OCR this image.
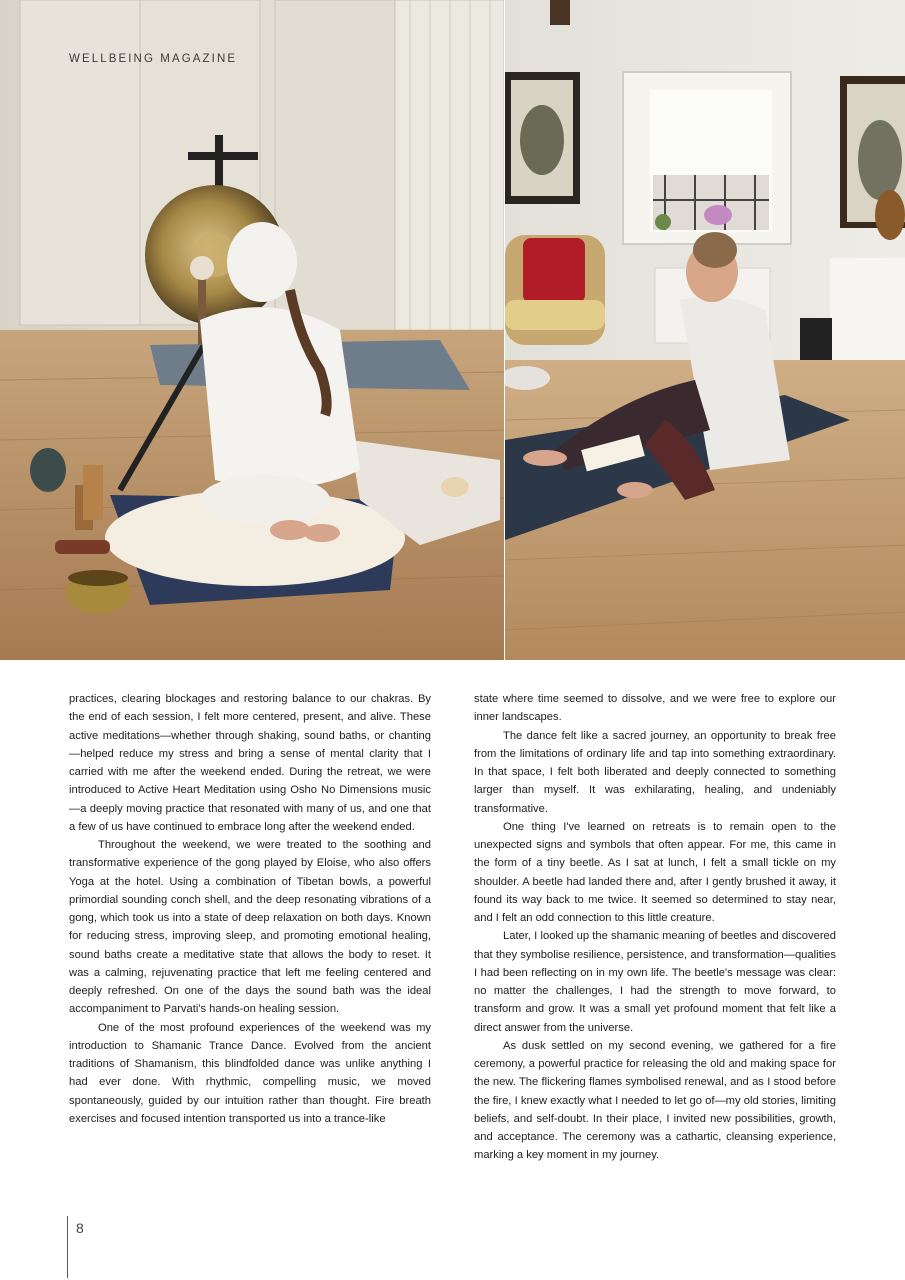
WELLBEING MAGAZINE

practices, clearing blockages and restoring balance to our chakras. By the end of each session, I felt more centered, present, and alive. These active meditations—whether through shaking, sound baths, or chanting—helped reduce my stress and bring a sense of mental clarity that I carried with me after the weekend ended. During the retreat, we were introduced to Active Heart Meditation using Osho No Dimensions music—a deeply moving practice that resonated with many of us, and one that a few of us have continued to embrace long after the weekend ended.

Throughout the weekend, we were treated to the soothing and transformative experience of the gong played by Eloise, who also offers Yoga at the hotel. Using a combination of Tibetan bowls, a powerful primordial sounding conch shell, and the deep resonating vibrations of a gong, which took us into a state of deep relaxation on both days. Known for reducing stress, improving sleep, and promoting emotional healing, sound baths create a meditative state that allows the body to reset. It was a calming, rejuvenating practice that left me feeling centered and deeply refreshed. On one of the days the sound bath was the ideal accompaniment to Parvati's hands-on healing session.

One of the most profound experiences of the weekend was my introduction to Shamanic Trance Dance. Evolved from the ancient traditions of Shamanism, this blindfolded dance was unlike anything I had ever done. With rhythmic, compelling music, we moved spontaneously, guided by our intuition rather than thought. Fire breath exercises and focused intention transported us into a trance-like

state where time seemed to dissolve, and we were free to explore our inner landscapes.

The dance felt like a sacred journey, an opportunity to break free from the limitations of ordinary life and tap into something extraordinary. In that space, I felt both liberated and deeply connected to something larger than myself. It was exhilarating, healing, and undeniably transformative.

One thing I've learned on retreats is to remain open to the unexpected signs and symbols that often appear. For me, this came in the form of a tiny beetle. As I sat at lunch, I felt a small tickle on my shoulder. A beetle had landed there and, after I gently brushed it away, it found its way back to me twice. It seemed so determined to stay near, and I felt an odd connection to this little creature.

Later, I looked up the shamanic meaning of beetles and discovered that they symbolise resilience, persistence, and transformation—qualities I had been reflecting on in my own life. The beetle's message was clear: no matter the challenges, I had the strength to move forward, to transform and grow. It was a small yet profound moment that felt like a direct answer from the universe.

As dusk settled on my second evening, we gathered for a fire ceremony, a powerful practice for releasing the old and making space for the new. The flickering flames symbolised renewal, and as I stood before the fire, I knew exactly what I needed to let go of—my old stories, limiting beliefs, and self-doubt. In their place, I invited new possibilities, growth, and acceptance. The ceremony was a cathartic, cleansing experience, marking a key moment in my journey.

8
